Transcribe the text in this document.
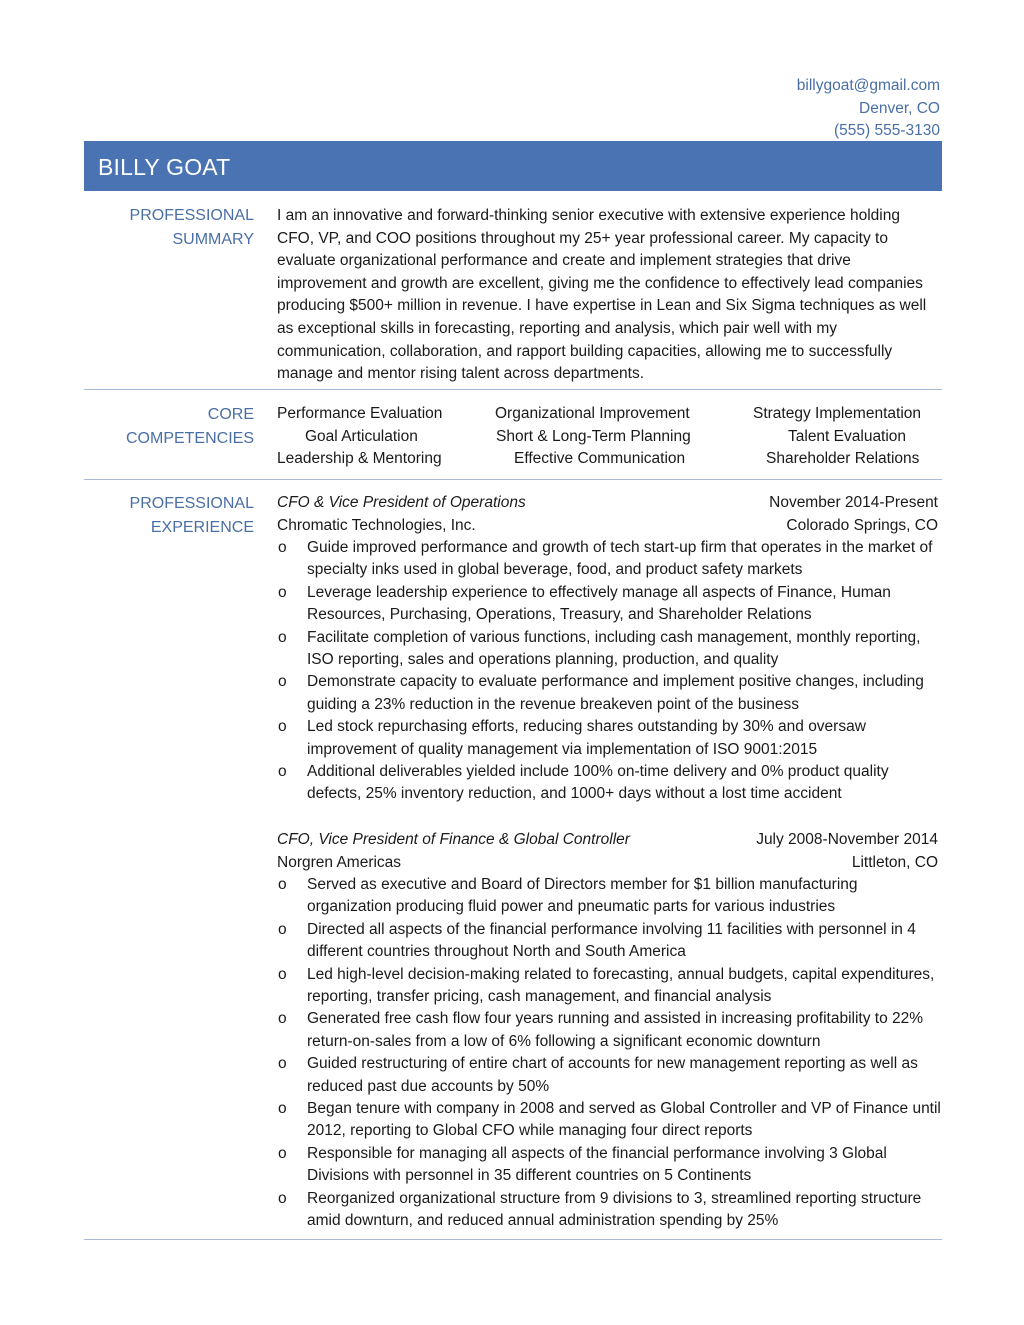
billygoat@gmail.com
Denver, CO
(555) 555-3130
BILLY GOAT
PROFESSIONAL
SUMMARY
I am an innovative and forward-thinking senior executive with extensive experience holding CFO, VP, and COO positions throughout my 25+ year professional career. My capacity to evaluate organizational performance and create and implement strategies that drive improvement and growth are excellent, giving me the confidence to effectively lead companies producing $500+ million in revenue. I have expertise in Lean and Six Sigma techniques as well as exceptional skills in forecasting, reporting and analysis, which pair well with my communication, collaboration, and rapport building capacities, allowing me to successfully manage and mentor rising talent across departments.
CORE
COMPETENCIES
Performance Evaluation	Organizational Improvement	Strategy Implementation
Goal Articulation	Short & Long-Term Planning	Talent Evaluation
Leadership & Mentoring	Effective Communication	Shareholder Relations
PROFESSIONAL
EXPERIENCE
CFO & Vice President of Operations	November 2014-Present
Chromatic Technologies, Inc.	Colorado Springs, CO
o Guide improved performance and growth of tech start-up firm that operates in the market of specialty inks used in global beverage, food, and product safety markets
o Leverage leadership experience to effectively manage all aspects of Finance, Human Resources, Purchasing, Operations, Treasury, and Shareholder Relations
o Facilitate completion of various functions, including cash management, monthly reporting, ISO reporting, sales and operations planning, production, and quality
o Demonstrate capacity to evaluate performance and implement positive changes, including guiding a 23% reduction in the revenue breakeven point of the business
o Led stock repurchasing efforts, reducing shares outstanding by 30% and oversaw improvement of quality management via implementation of ISO 9001:2015
o Additional deliverables yielded include 100% on-time delivery and 0% product quality defects, 25% inventory reduction, and 1000+ days without a lost time accident
CFO, Vice President of Finance & Global Controller	July 2008-November 2014
Norgren Americas	Littleton, CO
o Served as executive and Board of Directors member for $1 billion manufacturing organization producing fluid power and pneumatic parts for various industries
o Directed all aspects of the financial performance involving 11 facilities with personnel in 4 different countries throughout North and South America
o Led high-level decision-making related to forecasting, annual budgets, capital expenditures, reporting, transfer pricing, cash management, and financial analysis
o Generated free cash flow four years running and assisted in increasing profitability to 22% return-on-sales from a low of 6% following a significant economic downturn
o Guided restructuring of entire chart of accounts for new management reporting as well as reduced past due accounts by 50%
o Began tenure with company in 2008 and served as Global Controller and VP of Finance until 2012, reporting to Global CFO while managing four direct reports
o Responsible for managing all aspects of the financial performance involving 3 Global Divisions with personnel in 35 different countries on 5 Continents
o Reorganized organizational structure from 9 divisions to 3, streamlined reporting structure amid downturn, and reduced annual administration spending by 25%
